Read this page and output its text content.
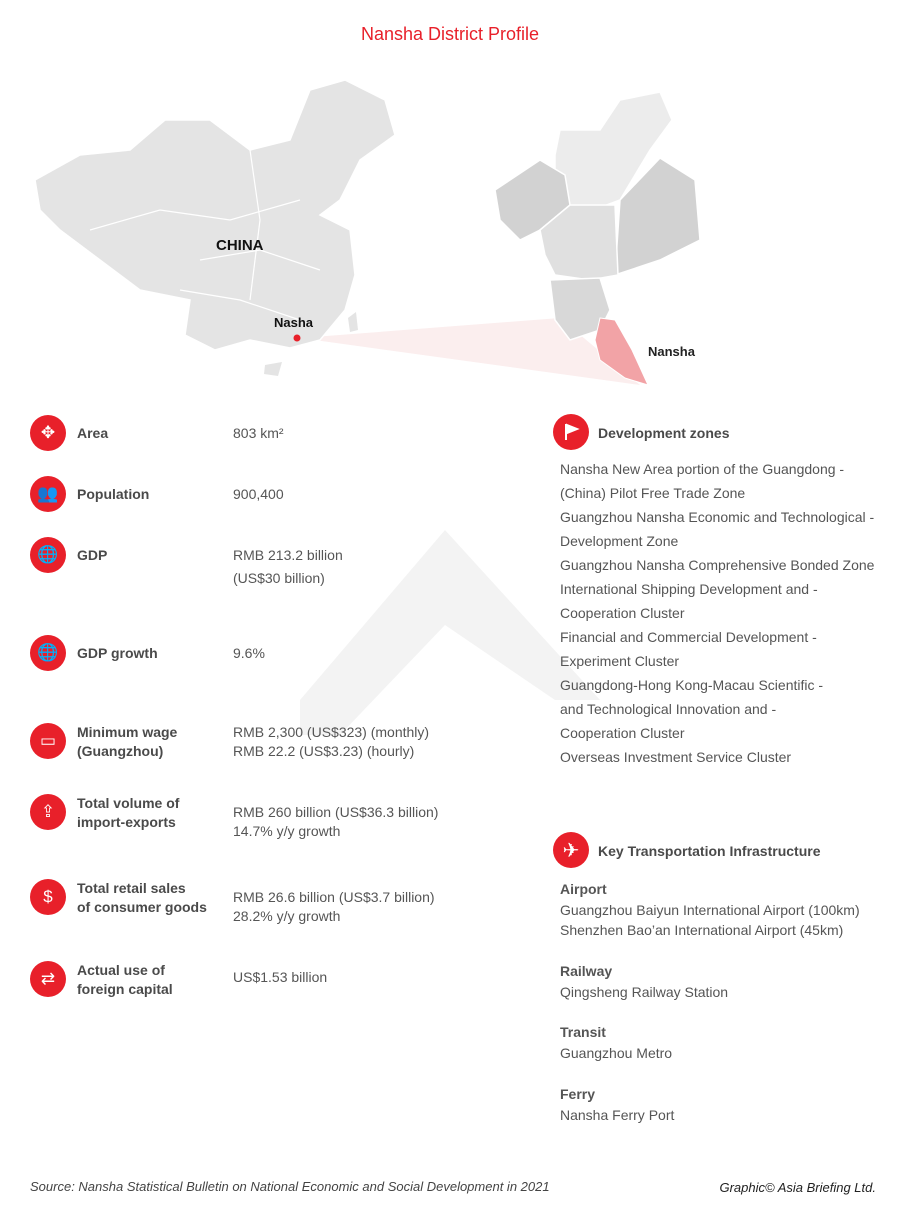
Nansha District Profile
CHINA
Nasha
Nansha
✥ Area	803 km²
👥 Population	900,400
🌐 GDP	RMB 213.2 billion
(US$30 billion)
🌐 GDP growth	9.6%
▭ Minimum wage
(Guangzhou)
RMB 2,300 (US$323) (monthly)
RMB 22.2 (US$3.23) (hourly)
⇪ Total volume of
import-exports
RMB 260 billion (US$36.3 billion)
14.7% y/y growth
$ Total retail sales
of consumer goods
RMB 26.6 billion (US$3.7 billion)
28.2% y/y growth
⇄ Actual use of
foreign capital
US$1.53 billion
Development zones
Nansha New Area portion of the Guangdong -
(China) Pilot Free Trade Zone
Guangzhou Nansha Economic and Technological -
Development Zone
Guangzhou Nansha Comprehensive Bonded Zone
International Shipping Development and -
Cooperation Cluster
Financial and Commercial Development -
Experiment Cluster
Guangdong-Hong Kong-Macau Scientific -
and Technological Innovation and -
Cooperation Cluster
Overseas Investment Service Cluster
✈ Key Transportation Infrastructure
Airport
Guangzhou Baiyun International Airport (100km)
Shenzhen Bao’an International Airport (45km)
Railway
Qingsheng Railway Station
Transit
Guangzhou Metro
Ferry
Nansha Ferry Port
Source: Nansha Statistical Bulletin on National Economic and Social Development in 2021	Graphic© Asia Briefing Ltd.
